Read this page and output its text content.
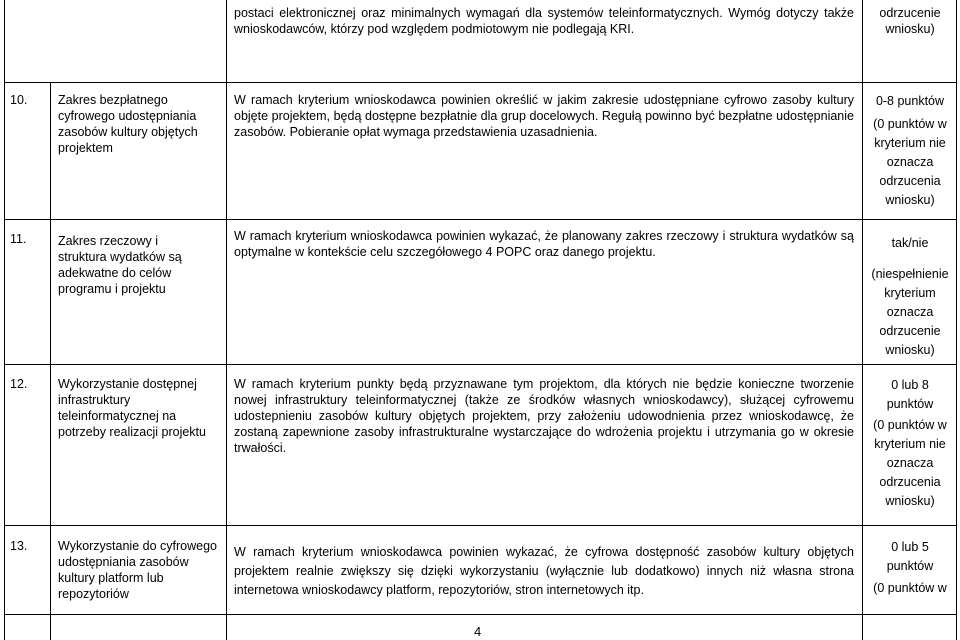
postaci elektronicznej oraz minimalnych wymagań dla systemów teleinformatycznych. Wymóg dotyczy także wnioskodawców, którzy pod względem podmiotowym nie podlegają KRI.
odrzucenie
wniosku)
10. Zakres bezpłatnego cyfrowego udostępniania zasobów kultury objętych projektem
W ramach kryterium wnioskodawca powinien określić w jakim zakresie udostępniane cyfrowo zasoby kultury objęte projektem, będą dostępne bezpłatnie dla grup docelowych. Regułą powinno być bezpłatne udostępnianie zasobów. Pobieranie opłat wymaga przedstawienia uzasadnienia.
0-8 punktów
(0 punktów w
kryterium nie
oznacza
odrzucenia
wniosku)
11.	Zakres rzeczowy i struktura wydatków są adekwatne do celów programu i projektu
W ramach kryterium wnioskodawca powinien wykazać, że planowany zakres rzeczowy i struktura wydatków są optymalne w kontekście celu szczegółowego 4 POPC oraz danego projektu.
tak/nie
(niespełnienie
kryterium
oznacza
odrzucenie
wniosku)
12. Wykorzystanie dostępnej infrastruktury teleinformatycznej na potrzeby realizacji projektu
W ramach kryterium punkty będą przyznawane tym projektom, dla których nie będzie konieczne tworzenie nowej infrastruktury teleinformatycznej (także ze środków własnych wnioskodawcy), służącej cyfrowemu udostepnieniu zasobów kultury objętych projektem, przy założeniu udowodnienia przez wnioskodawcę, że zostaną zapewnione zasoby infrastrukturalne wystarczające do wdrożenia projektu i utrzymania go w okresie trwałości.
0 lub 8
punktów
(0 punktów w
kryterium nie
oznacza
odrzucenia
wniosku)
13. Wykorzystanie do cyfrowego udostępniania zasobów kultury platform lub repozytoriów
W ramach kryterium wnioskodawca powinien wykazać, że cyfrowa dostępność zasobów kultury objętych projektem realnie zwiększy się dzięki wykorzystaniu (wyłącznie lub dodatkowo) innych niż własna strona internetowa wnioskodawcy platform, repozytoriów, stron internetowych itp.
0 lub 5
punktów
(0 punktów w
4
